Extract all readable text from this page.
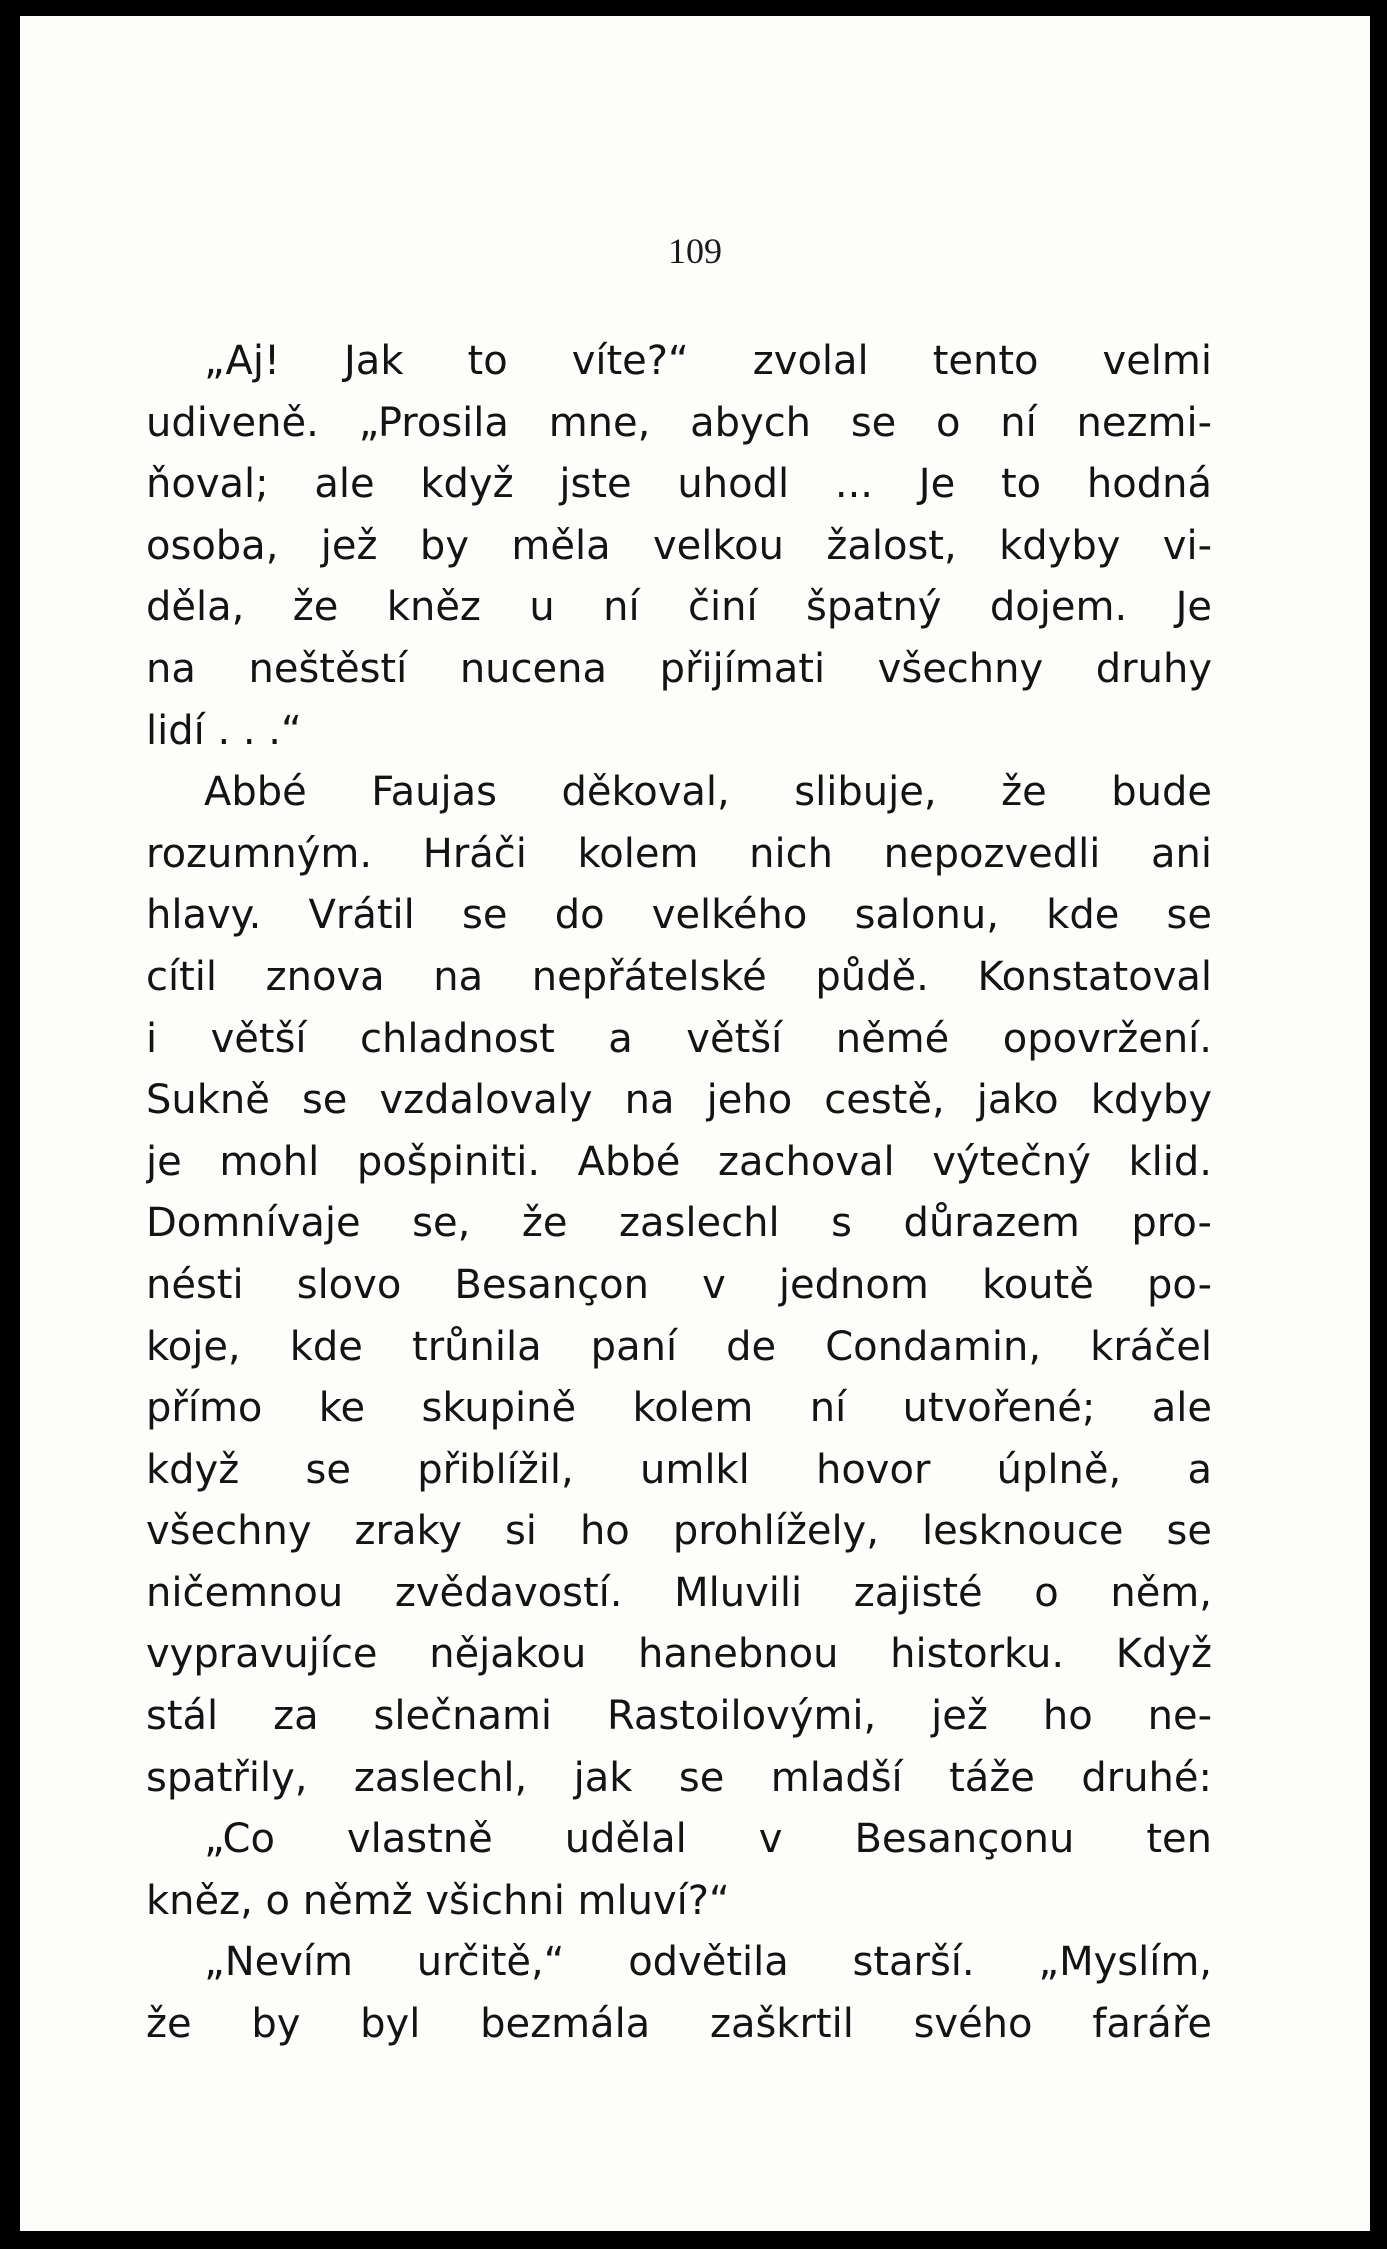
109
„Aj! Jak to víte?“ zvolal tento velmi
udiveně. „Prosila mne, abych se o ní nezmi-
ňoval; ale když jste uhodl ... Je to hodná
osoba, jež by měla velkou žalost, kdyby vi-
děla, že kněz u ní činí špatný dojem. Je
na neštěstí nucena přijímati všechny druhy
lidí . . .“
Abbé Faujas děkoval, slibuje, že bude
rozumným. Hráči kolem nich nepozvedli ani
hlavy. Vrátil se do velkého salonu, kde se
cítil znova na nepřátelské půdě. Konstatoval
i větší chladnost a větší němé opovržení.
Sukně se vzdalovaly na jeho cestě, jako kdyby
je mohl pošpiniti. Abbé zachoval výtečný klid.
Domnívaje se, že zaslechl s důrazem pro-
nésti slovo Besançon v jednom koutě po-
koje, kde trůnila paní de Condamin, kráčel
přímo ke skupině kolem ní utvořené; ale
když se přiblížil, umlkl hovor úplně, a
všechny zraky si ho prohlížely, lesknouce se
ničemnou zvědavostí. Mluvili zajisté o něm,
vypravujíce nějakou hanebnou historku. Když
stál za slečnami Rastoilovými, jež ho ne-
spatřily, zaslechl, jak se mladší táže druhé:
„Co vlastně udělal v Besançonu ten
kněz, o němž všichni mluví?“
„Nevím určitě,“ odvětila starší. „Myslím,
že by byl bezmála zaškrtil svého faráře
